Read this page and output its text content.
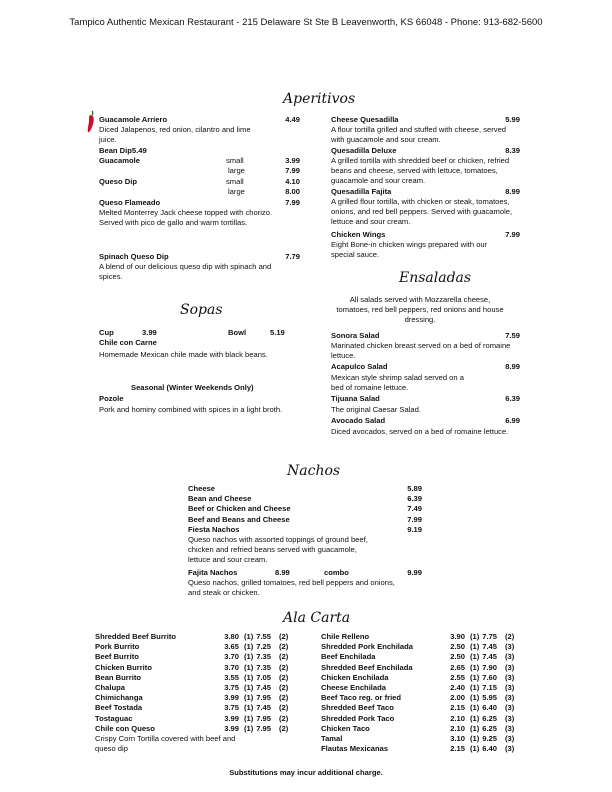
Tampico Authentic Mexican Restaurant - 215 Delaware St Ste B Leavenworth, KS 66048 - Phone: 913-682-5600
Aperitivos
Guacamole Arriero	4.49
Diced Jalapenos, red onion, cilantro and lime juice.
Bean Dip5.49
Guacamole	small	3.99
large	7.99
Queso Dip	small	4.10
large	8.00
Queso Flameado	7.99
Melted Monterrey Jack cheese topped with chorizo. Served with pico de gallo and warm tortillas.
Spinach Queso Dip	7.79
A blend of our delicious queso dip with spinach and spices.
Cheese Quesadilla	5.99
A flour tortilla grilled and stuffed with cheese, served with guacamole and sour cream.
Quesadilla Deluxe	8.39
A grilled tortilla with shredded beef or chicken, refried beans and cheese, served with lettuce, tomatoes, guacamole and sour cream.
Quesadilla Fajita	8.99
A grilled flour tortilla, with chicken or steak, tomatoes, onions, and red bell peppers. Served with guacamole, lettuce and sour cream.
Chicken Wings	7.99
Eight Bone-in chicken wings prepared with our special sauce.
Sopas
Cup	3.99	Bowl	5.19
Chile con Carne
Homemade Mexican chile made with black beans.
Seasonal (Winter Weekends Only)
Pozole
Pork and hominy combined with spices in a light broth.
Ensaladas
All salads served with Mozzarella cheese, tomatoes, red bell peppers, red onions and house dressing.
Sonora Salad	7.59
Marinated chicken breast served on a bed of romaine lettuce.
Acapulco Salad	8.99
Mexican style shrimp salad served on a bed of romaine lettuce.
Tijuana Salad	6.39
The original Caesar Salad.
Avocado Salad	6.99
Diced avocados, served on a bed of romaine lettuce.
Nachos
Cheese	5.89
Bean and Cheese	6.39
Beef or Chicken and Cheese	7.49
Beef and Beans and Cheese	7.99
Fiesta Nachos	9.19
Queso nachos with assorted toppings of ground beef, chicken and refried beans served with guacamole, lettuce and sour cream.
Fajita Nachos	8.99	combo	9.99
Queso nachos, grilled tomatoes, red bell peppers and onions, and steak or chicken.
Ala Carta
Shredded Beef Burrito	3.80 (1) 7.55 (2)
Pork Burrito	3.65 (1) 7.25 (2)
Beef Burrito	3.70 (1) 7.35 (2)
Chicken Burrito	3.70 (1) 7.35 (2)
Bean Burrito	3.55 (1) 7.05 (2)
Chalupa	3.75 (1) 7.45 (2)
Chimichanga	3.99 (1) 7.95 (2)
Beef Tostada	3.75 (1) 7.45 (2)
Tostaguac	3.99 (1) 7.95 (2)
Chile con Queso	3.99 (1) 7.95 (2)
Crispy Corn Tortilla covered with beef and queso dip
Chile Relleno	3.90 (1) 7.75 (2)
Shredded Pork Enchilada	2.50 (1) 7.45 (3)
Beef Enchilada	2.50 (1) 7.45 (3)
Shredded Beef Enchilada	2.65 (1) 7.90 (3)
Chicken Enchilada	2.55 (1) 7.60 (3)
Cheese Enchilada	2.40 (1) 7.15 (3)
Beef Taco reg. or fried	2.00 (1) 5.95 (3)
Shredded Beef Taco	2.15 (1) 6.40 (3)
Shredded Pork Taco	2.10 (1) 6.25 (3)
Chicken Taco	2.10 (1) 6.25 (3)
Tamal	3.10 (1) 9.25 (3)
Flautas Mexicanas	2.15 (1) 6.40 (3)
Substitutions may incur additional charge.
